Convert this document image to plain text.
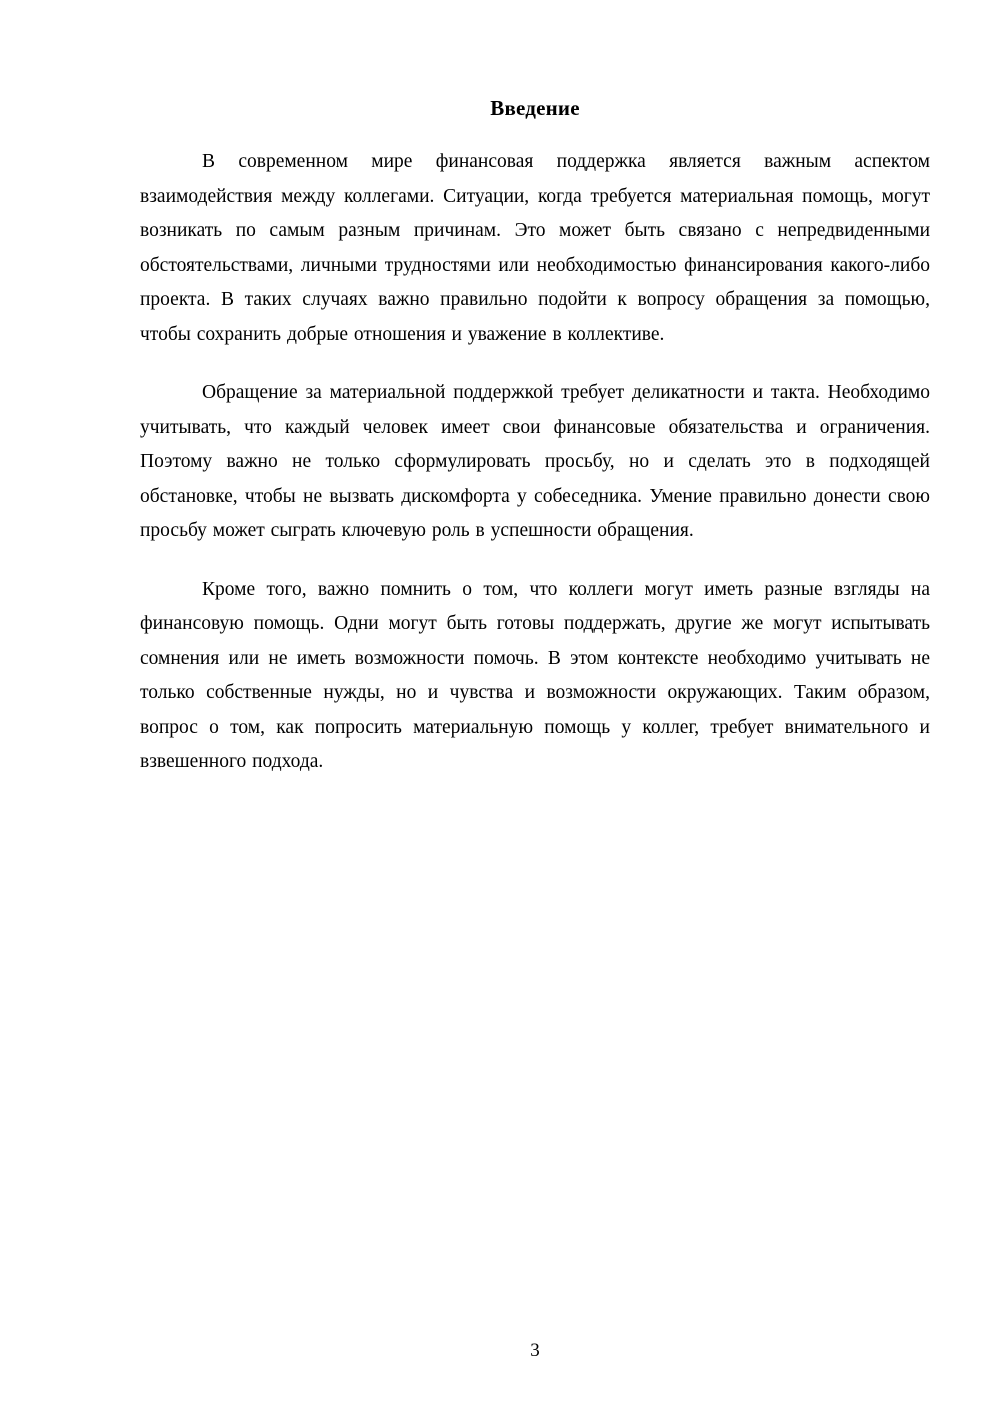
Введение

В современном мире финансовая поддержка является важным аспектом взаимодействия между коллегами. Ситуации, когда требуется материальная помощь, могут возникать по самым разным причинам. Это может быть связано с непредвиденными обстоятельствами, личными трудностями или необходимостью финансирования какого-либо проекта. В таких случаях важно правильно подойти к вопросу обращения за помощью, чтобы сохранить добрые отношения и уважение в коллективе.

Обращение за материальной поддержкой требует деликатности и такта. Необходимо учитывать, что каждый человек имеет свои финансовые обязательства и ограничения. Поэтому важно не только сформулировать просьбу, но и сделать это в подходящей обстановке, чтобы не вызвать дискомфорта у собеседника. Умение правильно донести свою просьбу может сыграть ключевую роль в успешности обращения.

Кроме того, важно помнить о том, что коллеги могут иметь разные взгляды на финансовую помощь. Одни могут быть готовы поддержать, другие же могут испытывать сомнения или не иметь возможности помочь. В этом контексте необходимо учитывать не только собственные нужды, но и чувства и возможности окружающих. Таким образом, вопрос о том, как попросить материальную помощь у коллег, требует внимательного и взвешенного подхода.

3
